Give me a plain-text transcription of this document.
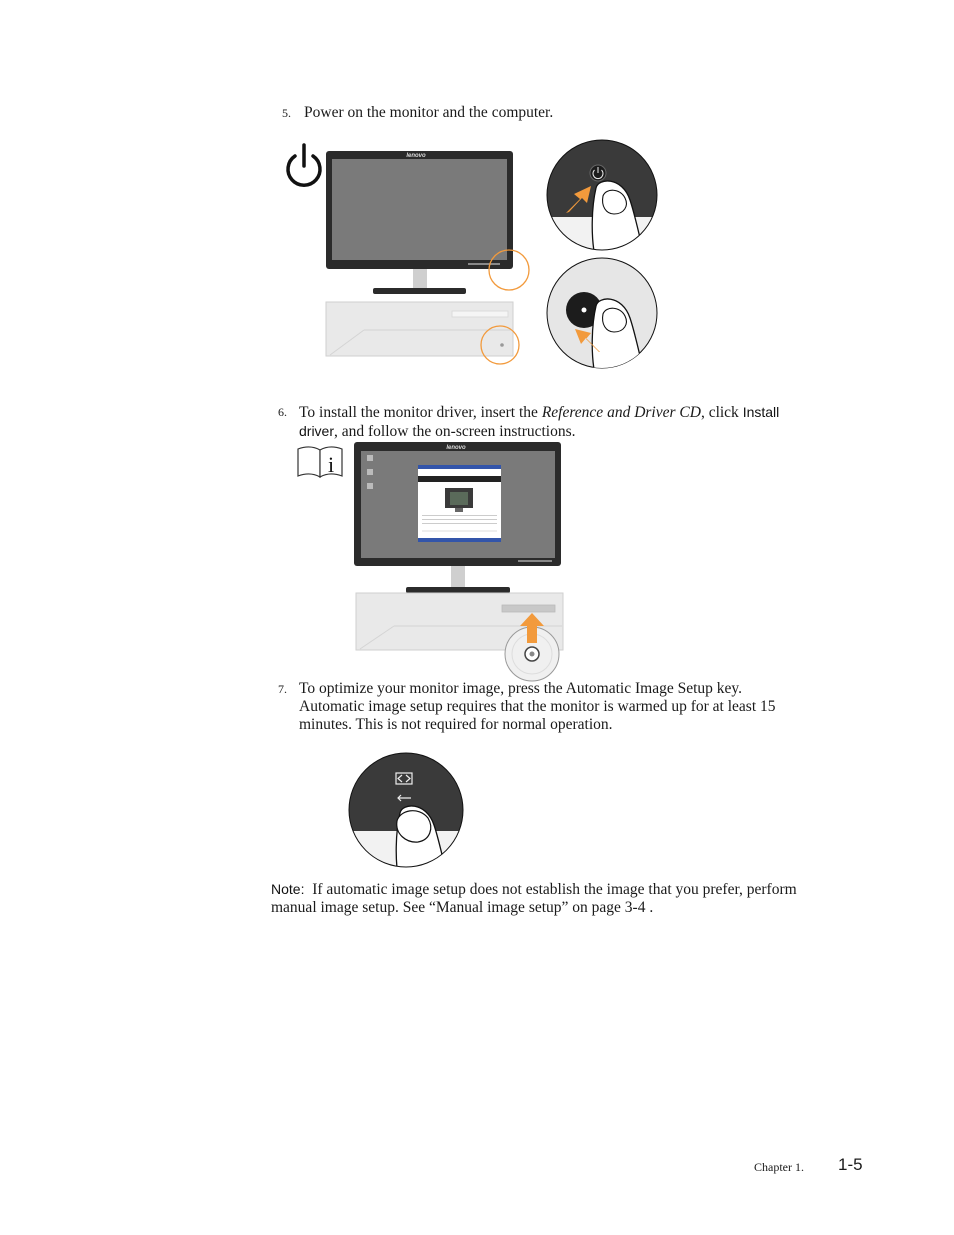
5. Power on the monitor and the computer.
lenovo
6. To install the monitor driver, insert the Reference and Driver CD, click Install
driver, and follow the on-screen instructions.
i
lenovo
7. To optimize your monitor image, press the Automatic Image Setup key.
Automatic image setup requires that the monitor is warmed up for at least 15
minutes. This is not required for normal operation.
Note: If automatic image setup does not establish the image that you prefer, perform
manual image setup. See “Manual image setup” on page 3-4 .
Chapter 1. 1-5
